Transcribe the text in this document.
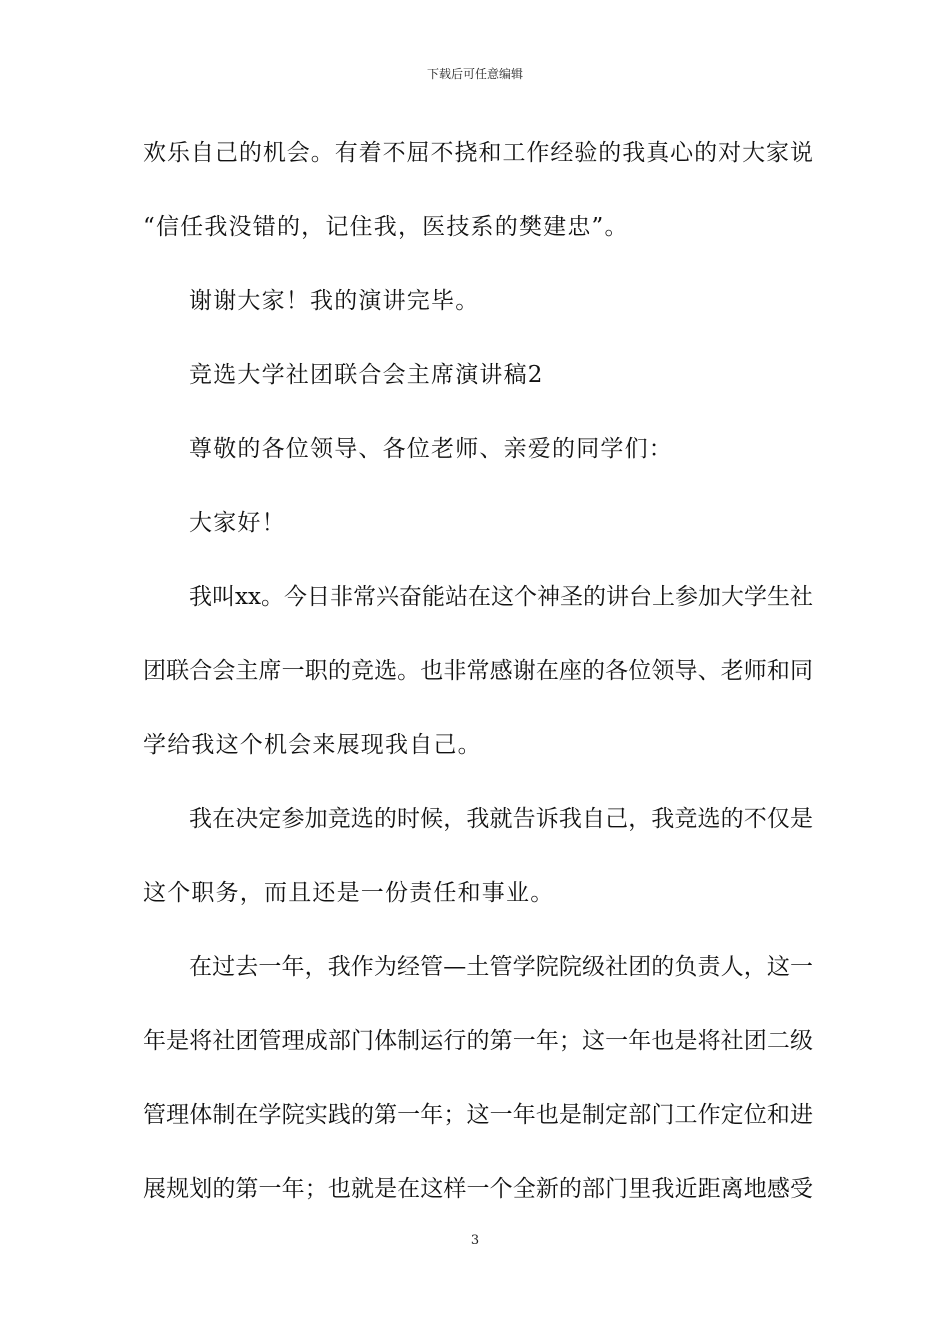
下载后可任意编辑
欢乐自己的机会。有着不屈不挠和工作经验的我真心的对大家说
“信任我没错的，记住我，医技系的樊建忠”。
谢谢大家！我的演讲完毕。
竞选大学社团联合会主席演讲稿2
尊敬的各位领导、各位老师、亲爱的同学们：
大家好！
我叫xx。今日非常兴奋能站在这个神圣的讲台上参加大学生社
团联合会主席一职的竞选。也非常感谢在座的各位领导、老师和同
学给我这个机会来展现我自己。
我在决定参加竞选的时候，我就告诉我自己，我竞选的不仅是
这个职务，而且还是一份责任和事业。
在过去一年，我作为经管—土管学院院级社团的负责人，这一
年是将社团管理成部门体制运行的第一年；这一年也是将社团二级
管理体制在学院实践的第一年；这一年也是制定部门工作定位和进
展规划的第一年；也就是在这样一个全新的部门里我近距离地感受
3
